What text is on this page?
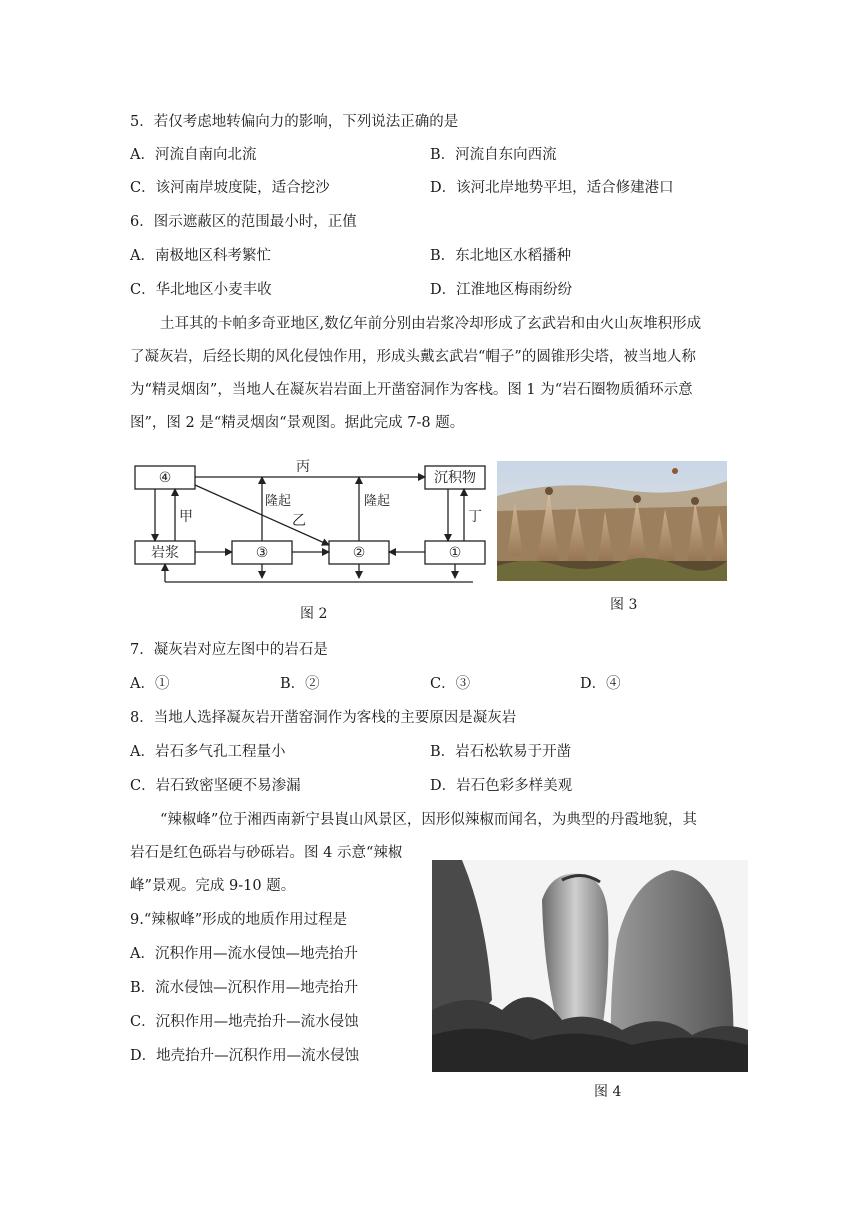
5．若仅考虑地转偏向力的影响，下列说法正确的是
A．河流自南向北流	B．河流自东向西流
C．该河南岸坡度陡，适合挖沙	D．该河北岸地势平坦，适合修建港口
6．图示遮蔽区的范围最小时，正值
A．南极地区科考繁忙	B．东北地区水稻播种
C．华北地区小麦丰收	D．江淮地区梅雨纷纷
土耳其的卡帕多奇亚地区,数亿年前分别由岩浆冷却形成了玄武岩和由火山灰堆积形成
了凝灰岩，后经长期的风化侵蚀作用，形成头戴玄武岩“帽子”的圆锥形尖塔，被当地人称
为“精灵烟囱”，当地人在凝灰岩岩面上开凿窑洞作为客栈。图 1 为“岩石圈物质循环示意
图”，图 2 是“精灵烟囱“景观图。据此完成 7-8 题。
④	沉积物
岩浆	③	②	①
丙
甲	乙	丁
隆起	隆起
图 2
图 3
7．凝灰岩对应左图中的岩石是
A．①	B．②	C．③	D．④
8．当地人选择凝灰岩开凿窑洞作为客栈的主要原因是凝灰岩
A．岩石多气孔工程量小	B．岩石松软易于开凿
C．岩石致密坚硬不易渗漏	D．岩石色彩多样美观
“辣椒峰”位于湘西南新宁县崀山风景区，因形似辣椒而闻名，为典型的丹霞地貌，其
岩石是红色砾岩与砂砾岩。图 4 示意“辣椒
峰”景观。完成 9-10 题。
9.“辣椒峰”形成的地质作用过程是
A．沉积作用—流水侵蚀—地壳抬升
B．流水侵蚀—沉积作用—地壳抬升
C．沉积作用—地壳抬升—流水侵蚀
D．地壳抬升—沉积作用—流水侵蚀
图 4
